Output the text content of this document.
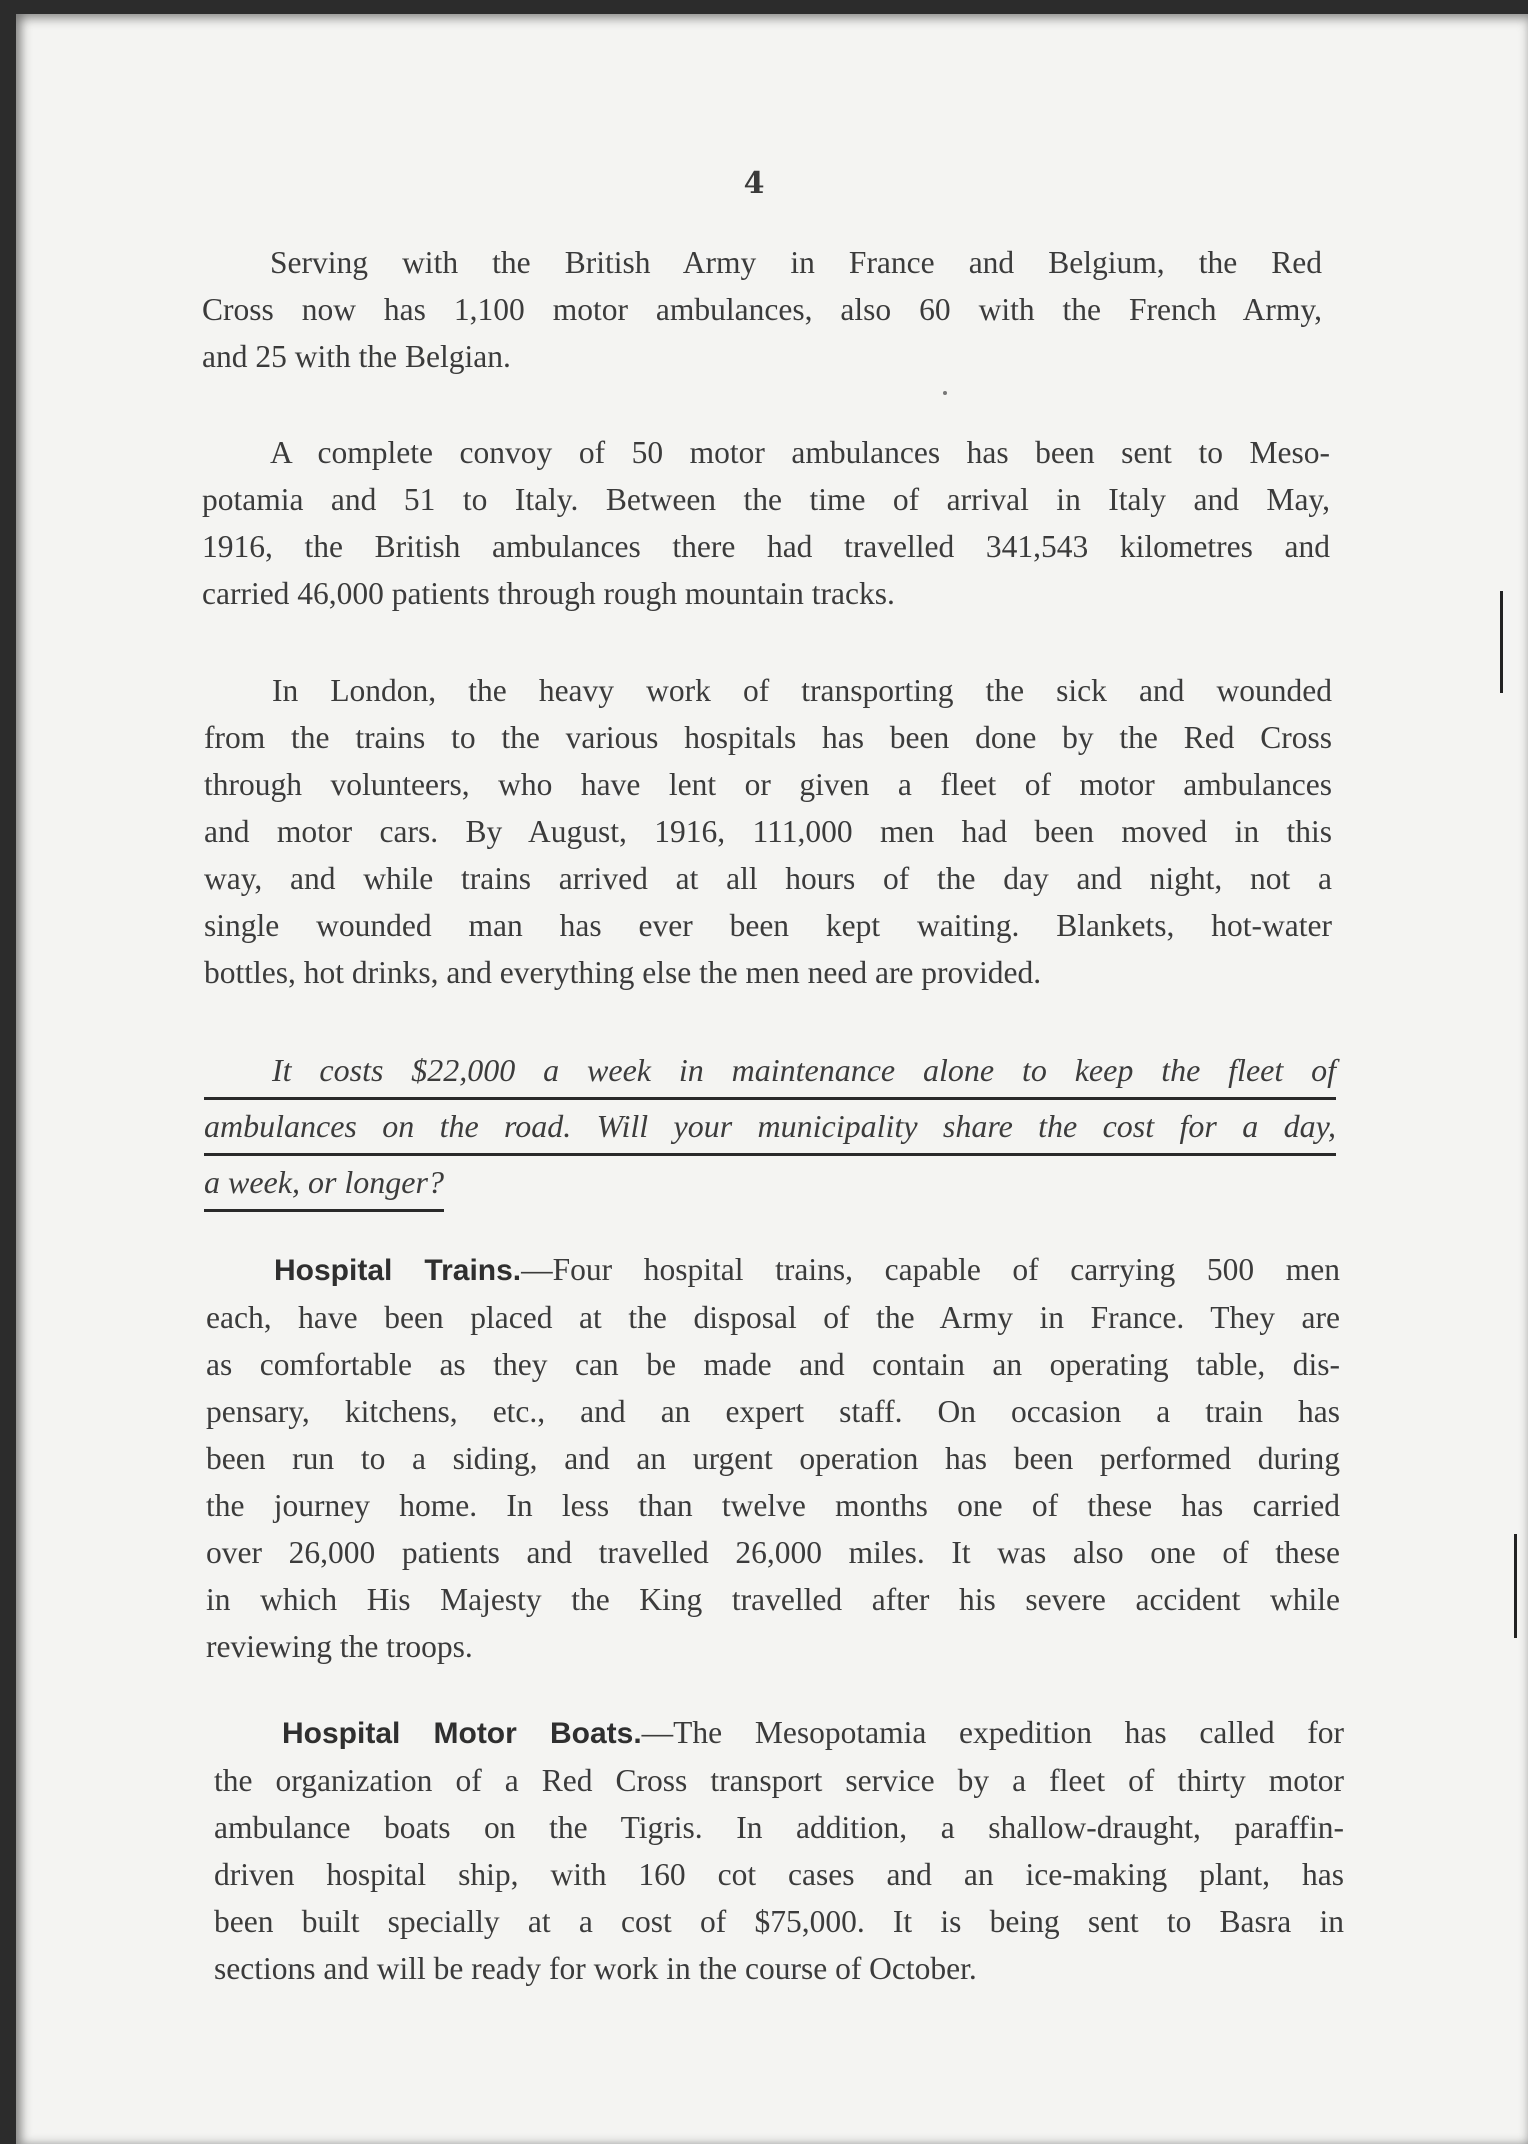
4
Serving with the British Army in France and Belgium, the Red
Cross now has 1,100 motor ambulances, also 60 with the French Army,
and 25 with the Belgian.
A complete convoy of 50 motor ambulances has been sent to Meso-
potamia and 51 to Italy. Between the time of arrival in Italy and May,
1916, the British ambulances there had travelled 341,543 kilometres and
carried 46,000 patients through rough mountain tracks.
In London, the heavy work of transporting the sick and wounded
from the trains to the various hospitals has been done by the Red Cross
through volunteers, who have lent or given a fleet of motor ambulances
and motor cars. By August, 1916, 111,000 men had been moved in this
way, and while trains arrived at all hours of the day and night, not a
single wounded man has ever been kept waiting. Blankets, hot-water
bottles, hot drinks, and everything else the men need are provided.
It costs $22,000 a week in maintenance alone to keep the fleet of
ambulances on the road. Will your municipality share the cost for a day,
a week, or longer?
Hospital Trains.—Four hospital trains, capable of carrying 500 men
each, have been placed at the disposal of the Army in France. They are
as comfortable as they can be made and contain an operating table, dis-
pensary, kitchens, etc., and an expert staff. On occasion a train has
been run to a siding, and an urgent operation has been performed during
the journey home. In less than twelve months one of these has carried
over 26,000 patients and travelled 26,000 miles. It was also one of these
in which His Majesty the King travelled after his severe accident while
reviewing the troops.
Hospital Motor Boats.—The Mesopotamia expedition has called for
the organization of a Red Cross transport service by a fleet of thirty motor
ambulance boats on the Tigris. In addition, a shallow-draught, paraffin-
driven hospital ship, with 160 cot cases and an ice-making plant, has
been built specially at a cost of $75,000. It is being sent to Basra in
sections and will be ready for work in the course of October.
